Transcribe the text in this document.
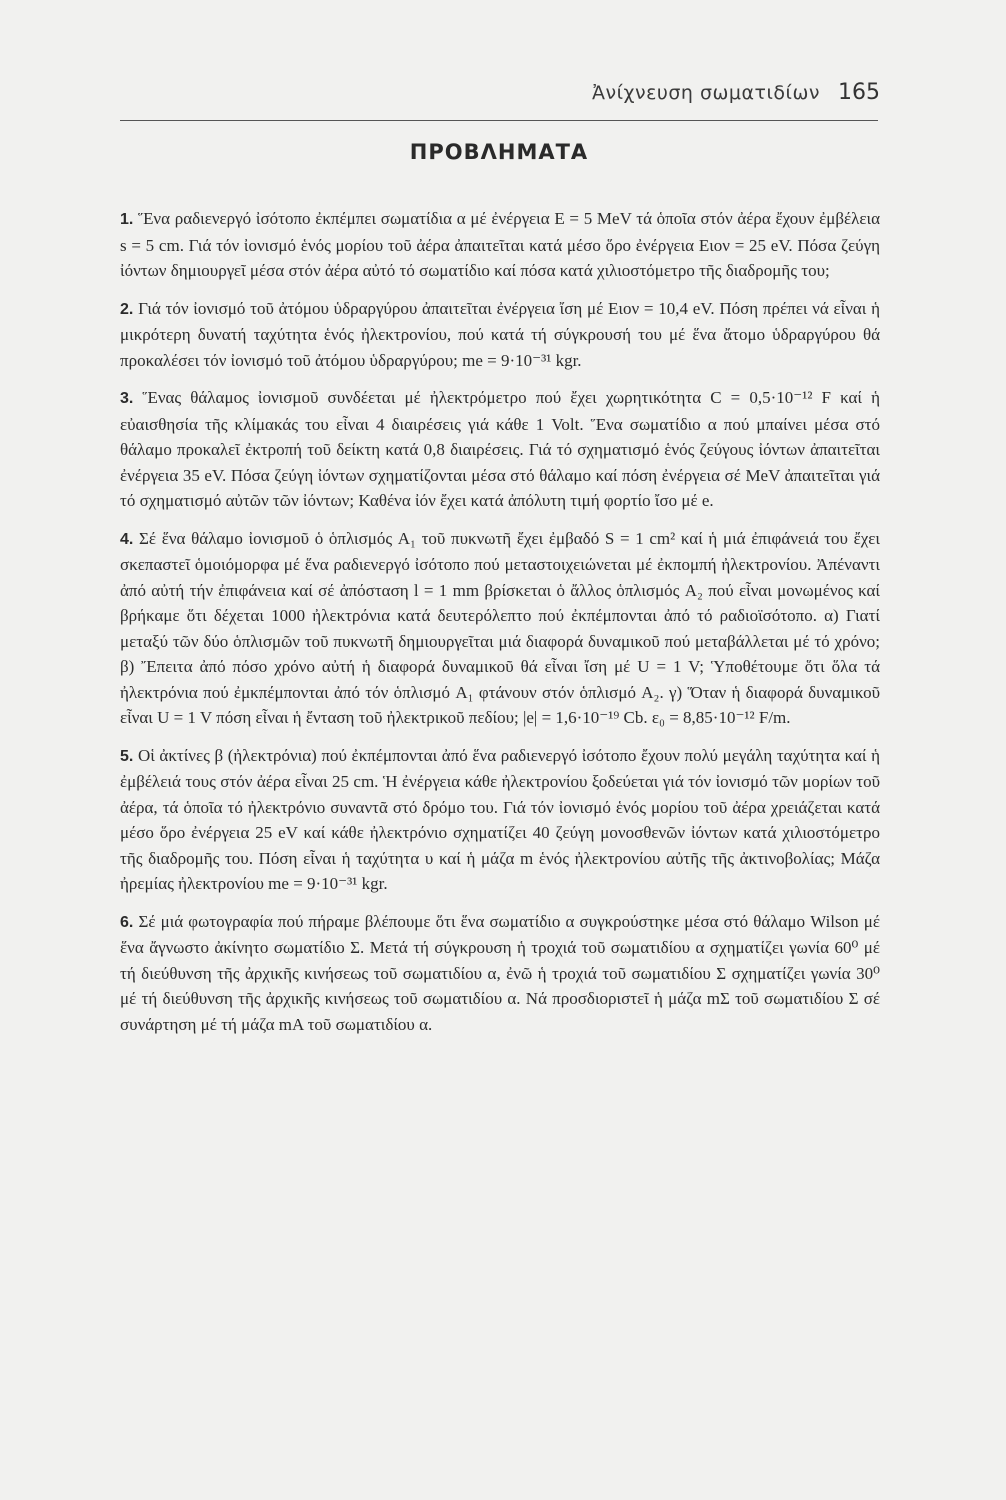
Ἀνίχνευση σωματιδίων 165
ΠΡΟΒΛΗΜΑΤΑ

1. Ἕνα ραδιενεργό ἰσότοπο ἐκπέμπει σωματίδια α μέ ἐνέργεια E = 5 MeV τά ὁποῖα στόν ἀέρα ἔχουν ἐμβέλεια s = 5 cm. Γιά τόν ἰονισμό ἑνός μορίου τοῦ ἀέρα ἀπαιτεῖται κατά μέσο ὅρο ἐνέργεια Eιον = 25 eV. Πόσα ζεύγη ἰόντων δημιουργεῖ μέσα στόν ἀέρα αὐτό τό σωματίδιο καί πόσα κατά χιλιοστόμετρο τῆς διαδρομῆς του;

2. Γιά τόν ἰονισμό τοῦ ἀτόμου ὑδραργύρου ἀπαιτεῖται ἐνέργεια ἴση μέ Eιον = 10,4 eV. Πόση πρέπει νά εἶναι ἡ μικρότερη δυνατή ταχύτητα ἑνός ἠλεκτρονίου, πού κατά τή σύγκρουσή του μέ ἕνα ἄτομο ὑδραργύρου θά προκαλέσει τόν ἰονισμό τοῦ ἀτόμου ὑδραργύρου; me = 9·10⁻³¹ kgr.

3. Ἕνας θάλαμος ἰονισμοῦ συνδέεται μέ ἠλεκτρόμετρο πού ἔχει χωρητικότητα C = 0,5·10⁻¹² F καί ἡ εὐαισθησία τῆς κλίμακάς του εἶναι 4 διαιρέσεις γιά κάθε 1 Volt. Ἕνα σωματίδιο α πού μπαίνει μέσα στό θάλαμο προκαλεῖ ἐκτροπή τοῦ δείκτη κατά 0,8 διαιρέσεις. Γιά τό σχηματισμό ἑνός ζεύγους ἰόντων ἀπαιτεῖται ἐνέργεια 35 eV. Πόσα ζεύγη ἰόντων σχηματίζονται μέσα στό θάλαμο καί πόση ἐνέργεια σέ MeV ἀπαιτεῖται γιά τό σχηματισμό αὐτῶν τῶν ἰόντων; Καθένα ἰόν ἔχει κατά ἀπόλυτη τιμή φορτίο ἴσο μέ e.

4. Σέ ἕνα θάλαμο ἰονισμοῦ ὁ ὁπλισμός A₁ τοῦ πυκνωτῆ ἔχει ἐμβαδό S = 1 cm² καί ἡ μιά ἐπιφάνειά του ἔχει σκεπαστεῖ ὁμοιόμορφα μέ ἕνα ραδιενεργό ἰσότοπο πού μεταστοιχειώνεται μέ ἐκπομπή ἠλεκτρονίου. Ἀπέναντι ἀπό αὐτή τήν ἐπιφάνεια καί σέ ἀπόσταση l = 1 mm βρίσκεται ὁ ἄλλος ὁπλισμός A₂ πού εἶναι μονωμένος καί βρήκαμε ὅτι δέχεται 1000 ἠλεκτρόνια κατά δευτερόλεπτο πού ἐκπέμπονται ἀπό τό ραδιοϊσότοπο. α) Γιατί μεταξύ τῶν δύο ὁπλισμῶν τοῦ πυκνωτῆ δημιουργεῖται μιά διαφορά δυναμικοῦ πού μεταβάλλεται μέ τό χρόνο; β) Ἔπειτα ἀπό πόσο χρόνο αὐτή ἡ διαφορά δυναμικοῦ θά εἶναι ἴση μέ U = 1 V; Ὑποθέτουμε ὅτι ὅλα τά ἠλεκτρόνια πού ἐμκπέμπονται ἀπό τόν ὁπλισμό A₁ φτάνουν στόν ὁπλισμό A₂. γ) Ὅταν ἡ διαφορά δυναμικοῦ εἶναι U = 1 V πόση εἶναι ἡ ἔνταση τοῦ ἠλεκτρικοῦ πεδίου; |e| = 1,6·10⁻¹⁹ Cb. ε₀ = 8,85·10⁻¹² F/m.

5. Οἱ ἀκτίνες β (ἠλεκτρόνια) πού ἐκπέμπονται ἀπό ἕνα ραδιενεργό ἰσότοπο ἔχουν πολύ μεγάλη ταχύτητα καί ἡ ἐμβέλειά τους στόν ἀέρα εἶναι 25 cm. Ἡ ἐνέργεια κάθε ἠλεκτρονίου ξοδεύεται γιά τόν ἰονισμό τῶν μορίων τοῦ ἀέρα, τά ὁποῖα τό ἠλεκτρόνιο συναντᾶ στό δρόμο του. Γιά τόν ἰονισμό ἑνός μορίου τοῦ ἀέρα χρειάζεται κατά μέσο ὅρο ἐνέργεια 25 eV καί κάθε ἠλεκτρόνιο σχηματίζει 40 ζεύγη μονοσθενῶν ἰόντων κατά χιλιοστόμετρο τῆς διαδρομῆς του. Πόση εἶναι ἡ ταχύτητα υ καί ἡ μάζα m ἑνός ἠλεκτρονίου αὐτῆς τῆς ἀκτινοβολίας; Μάζα ἠρεμίας ἠλεκτρονίου me = 9·10⁻³¹ kgr.

6. Σέ μιά φωτογραφία πού πήραμε βλέπουμε ὅτι ἕνα σωματίδιο α συγκρούστηκε μέσα στό θάλαμο Wilson μέ ἕνα ἄγνωστο ἀκίνητο σωματίδιο Σ. Μετά τή σύγκρουση ἡ τροχιά τοῦ σωματιδίου α σχηματίζει γωνία 60⁰ μέ τή διεύθυνση τῆς ἀρχικῆς κινήσεως τοῦ σωματιδίου α, ἐνῶ ἡ τροχιά τοῦ σωματιδίου Σ σχηματίζει γωνία 30⁰ μέ τή διεύθυνση τῆς ἀρχικῆς κινήσεως τοῦ σωματιδίου α. Νά προσδιοριστεῖ ἡ μάζα mΣ τοῦ σωματιδίου Σ σέ συνάρτηση μέ τή μάζα mA τοῦ σωματιδίου α.
